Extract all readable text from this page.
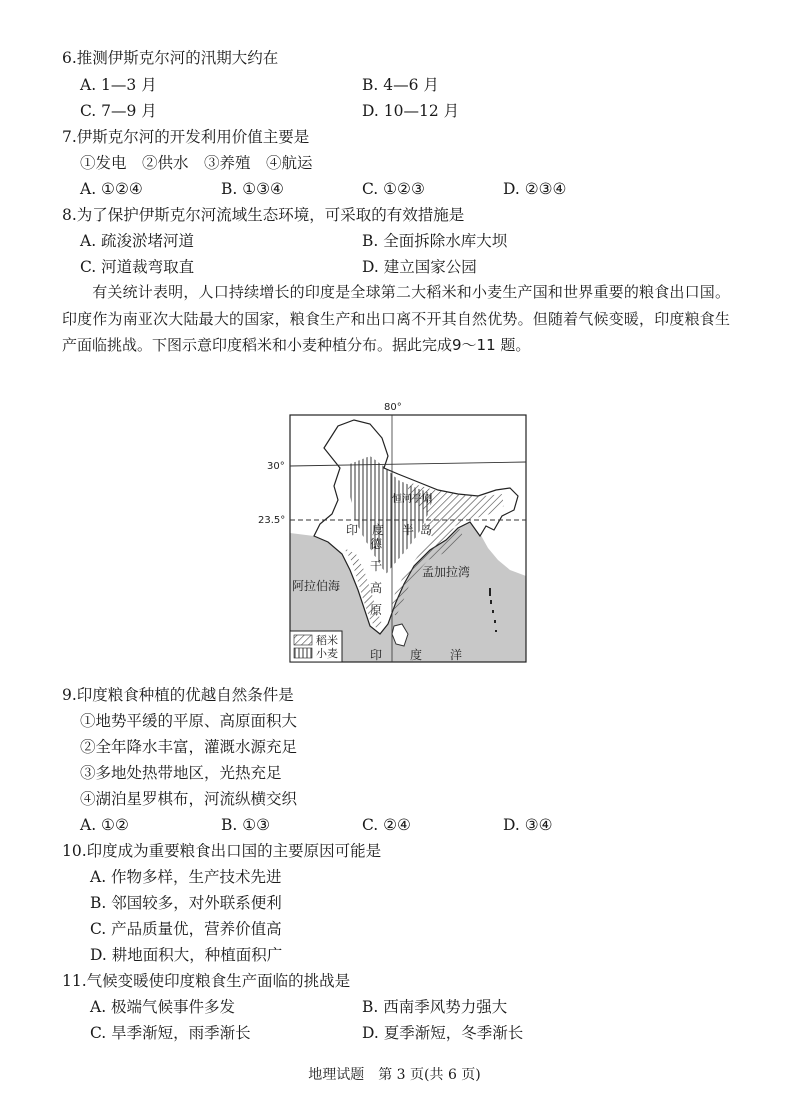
6.推测伊斯克尔河的汛期大约在
A. 1—3 月	B. 4—6 月
C. 7—9 月	D. 10—12 月
7.伊斯克尔河的开发利用价值主要是
①发电　②供水　③养殖　④航运
A. ①②④	B. ①③④	C. ①②③	D. ②③④
8.为了保护伊斯克尔河流域生态环境，可采取的有效措施是
A. 疏浚淤堵河道	B. 全面拆除水库大坝
C. 河道裁弯取直	D. 建立国家公园
有关统计表明，人口持续增长的印度是全球第二大稻米和小麦生产国和世界重要的粮食出口国。印度作为南亚次大陆最大的国家，粮食生产和出口离不开其自然优势。但随着气候变暖，印度粮食生产面临挑战。下图示意印度稻米和小麦种植分布。据此完成9～11 题。
80°
30°
23.5°
恒河平原
印 度 半 岛
德
干
高
原
阿拉伯海
孟加拉湾
印 度 洋
稻米
小麦
9.印度粮食种植的优越自然条件是
①地势平缓的平原、高原面积大
②全年降水丰富，灌溉水源充足
③多地处热带地区，光热充足
④湖泊星罗棋布，河流纵横交织
A. ①②	B. ①③	C. ②④	D. ③④
10.印度成为重要粮食出口国的主要原因可能是
A. 作物多样，生产技术先进
B. 邻国较多，对外联系便利
C. 产品质量优，营养价值高
D. 耕地面积大，种植面积广
11.气候变暖使印度粮食生产面临的挑战是
A. 极端气候事件多发	B. 西南季风势力强大
C. 旱季渐短，雨季渐长	D. 夏季渐短，冬季渐长
地理试题　第 3 页(共 6 页)
